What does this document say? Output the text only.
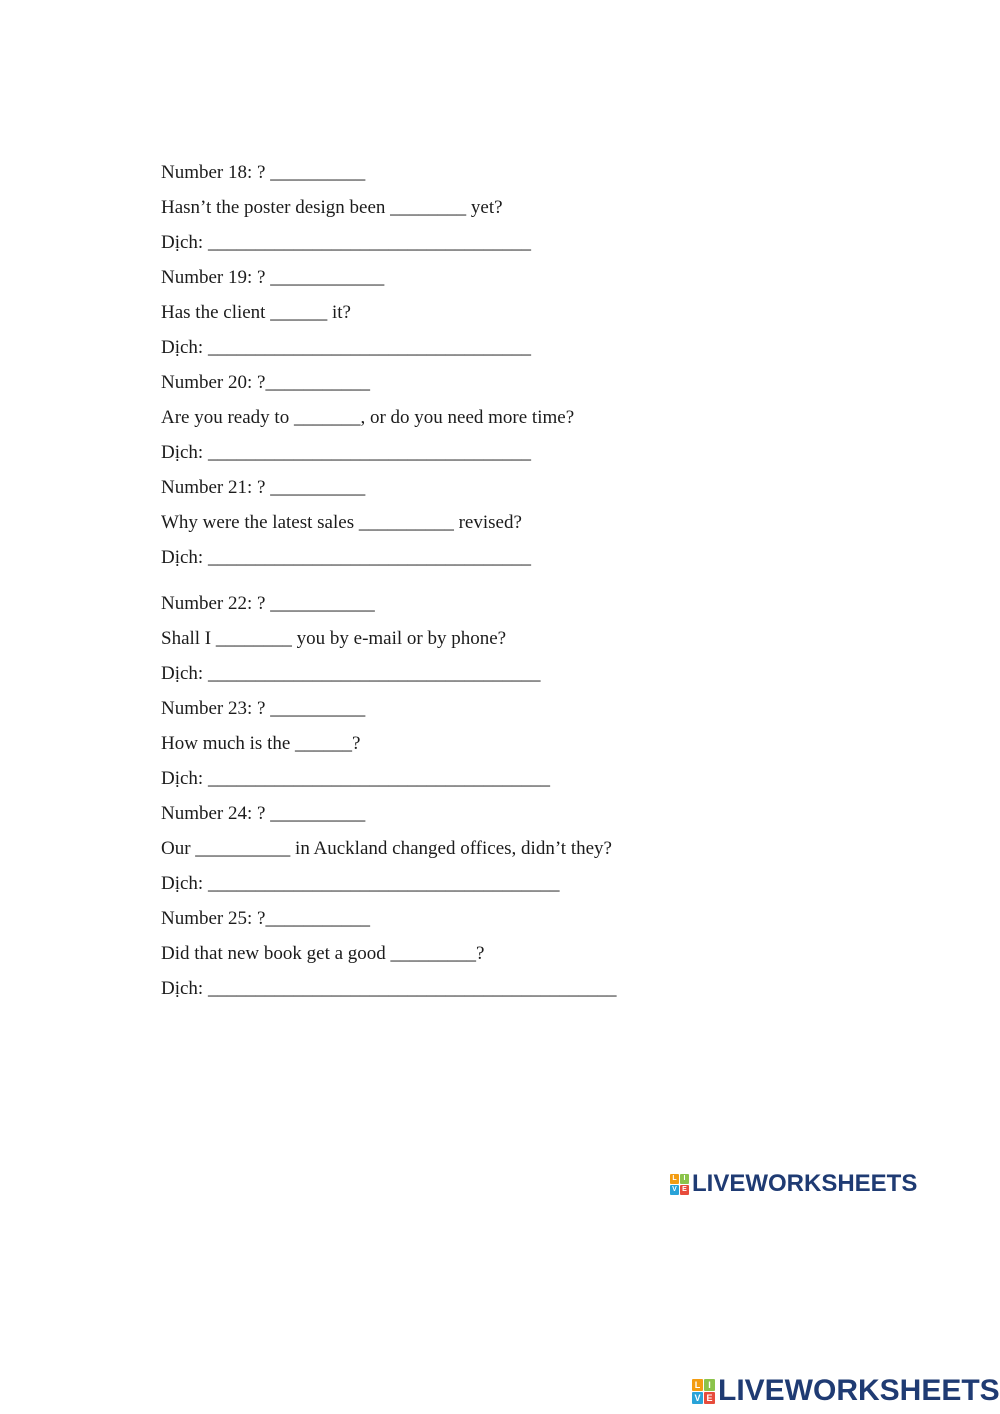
Number 18: ? __________
Hasn’t the poster design been ________ yet?
Dịch: __________________________________
Number 19: ? ____________
Has the client ______ it?
Dịch: __________________________________
Number 20: ?___________
Are you ready to _______, or do you need more time?
Dịch: __________________________________
Number 21: ? __________
Why were the latest sales __________ revised?
Dịch: __________________________________
Number 22: ? ___________
Shall I ________ you by e-mail or by phone?
Dịch: ___________________________________
Number 23: ? __________
How much is the ______?
Dịch: ____________________________________
Number 24: ? __________
Our __________ in Auckland changed offices, didn’t they?
Dịch: _____________________________________
Number 25: ?___________
Did that new book get a good _________?
Dịch: ___________________________________________
L I
V E LIVEWORKSHEETS
L I
V E LIVEWORKSHEETS
